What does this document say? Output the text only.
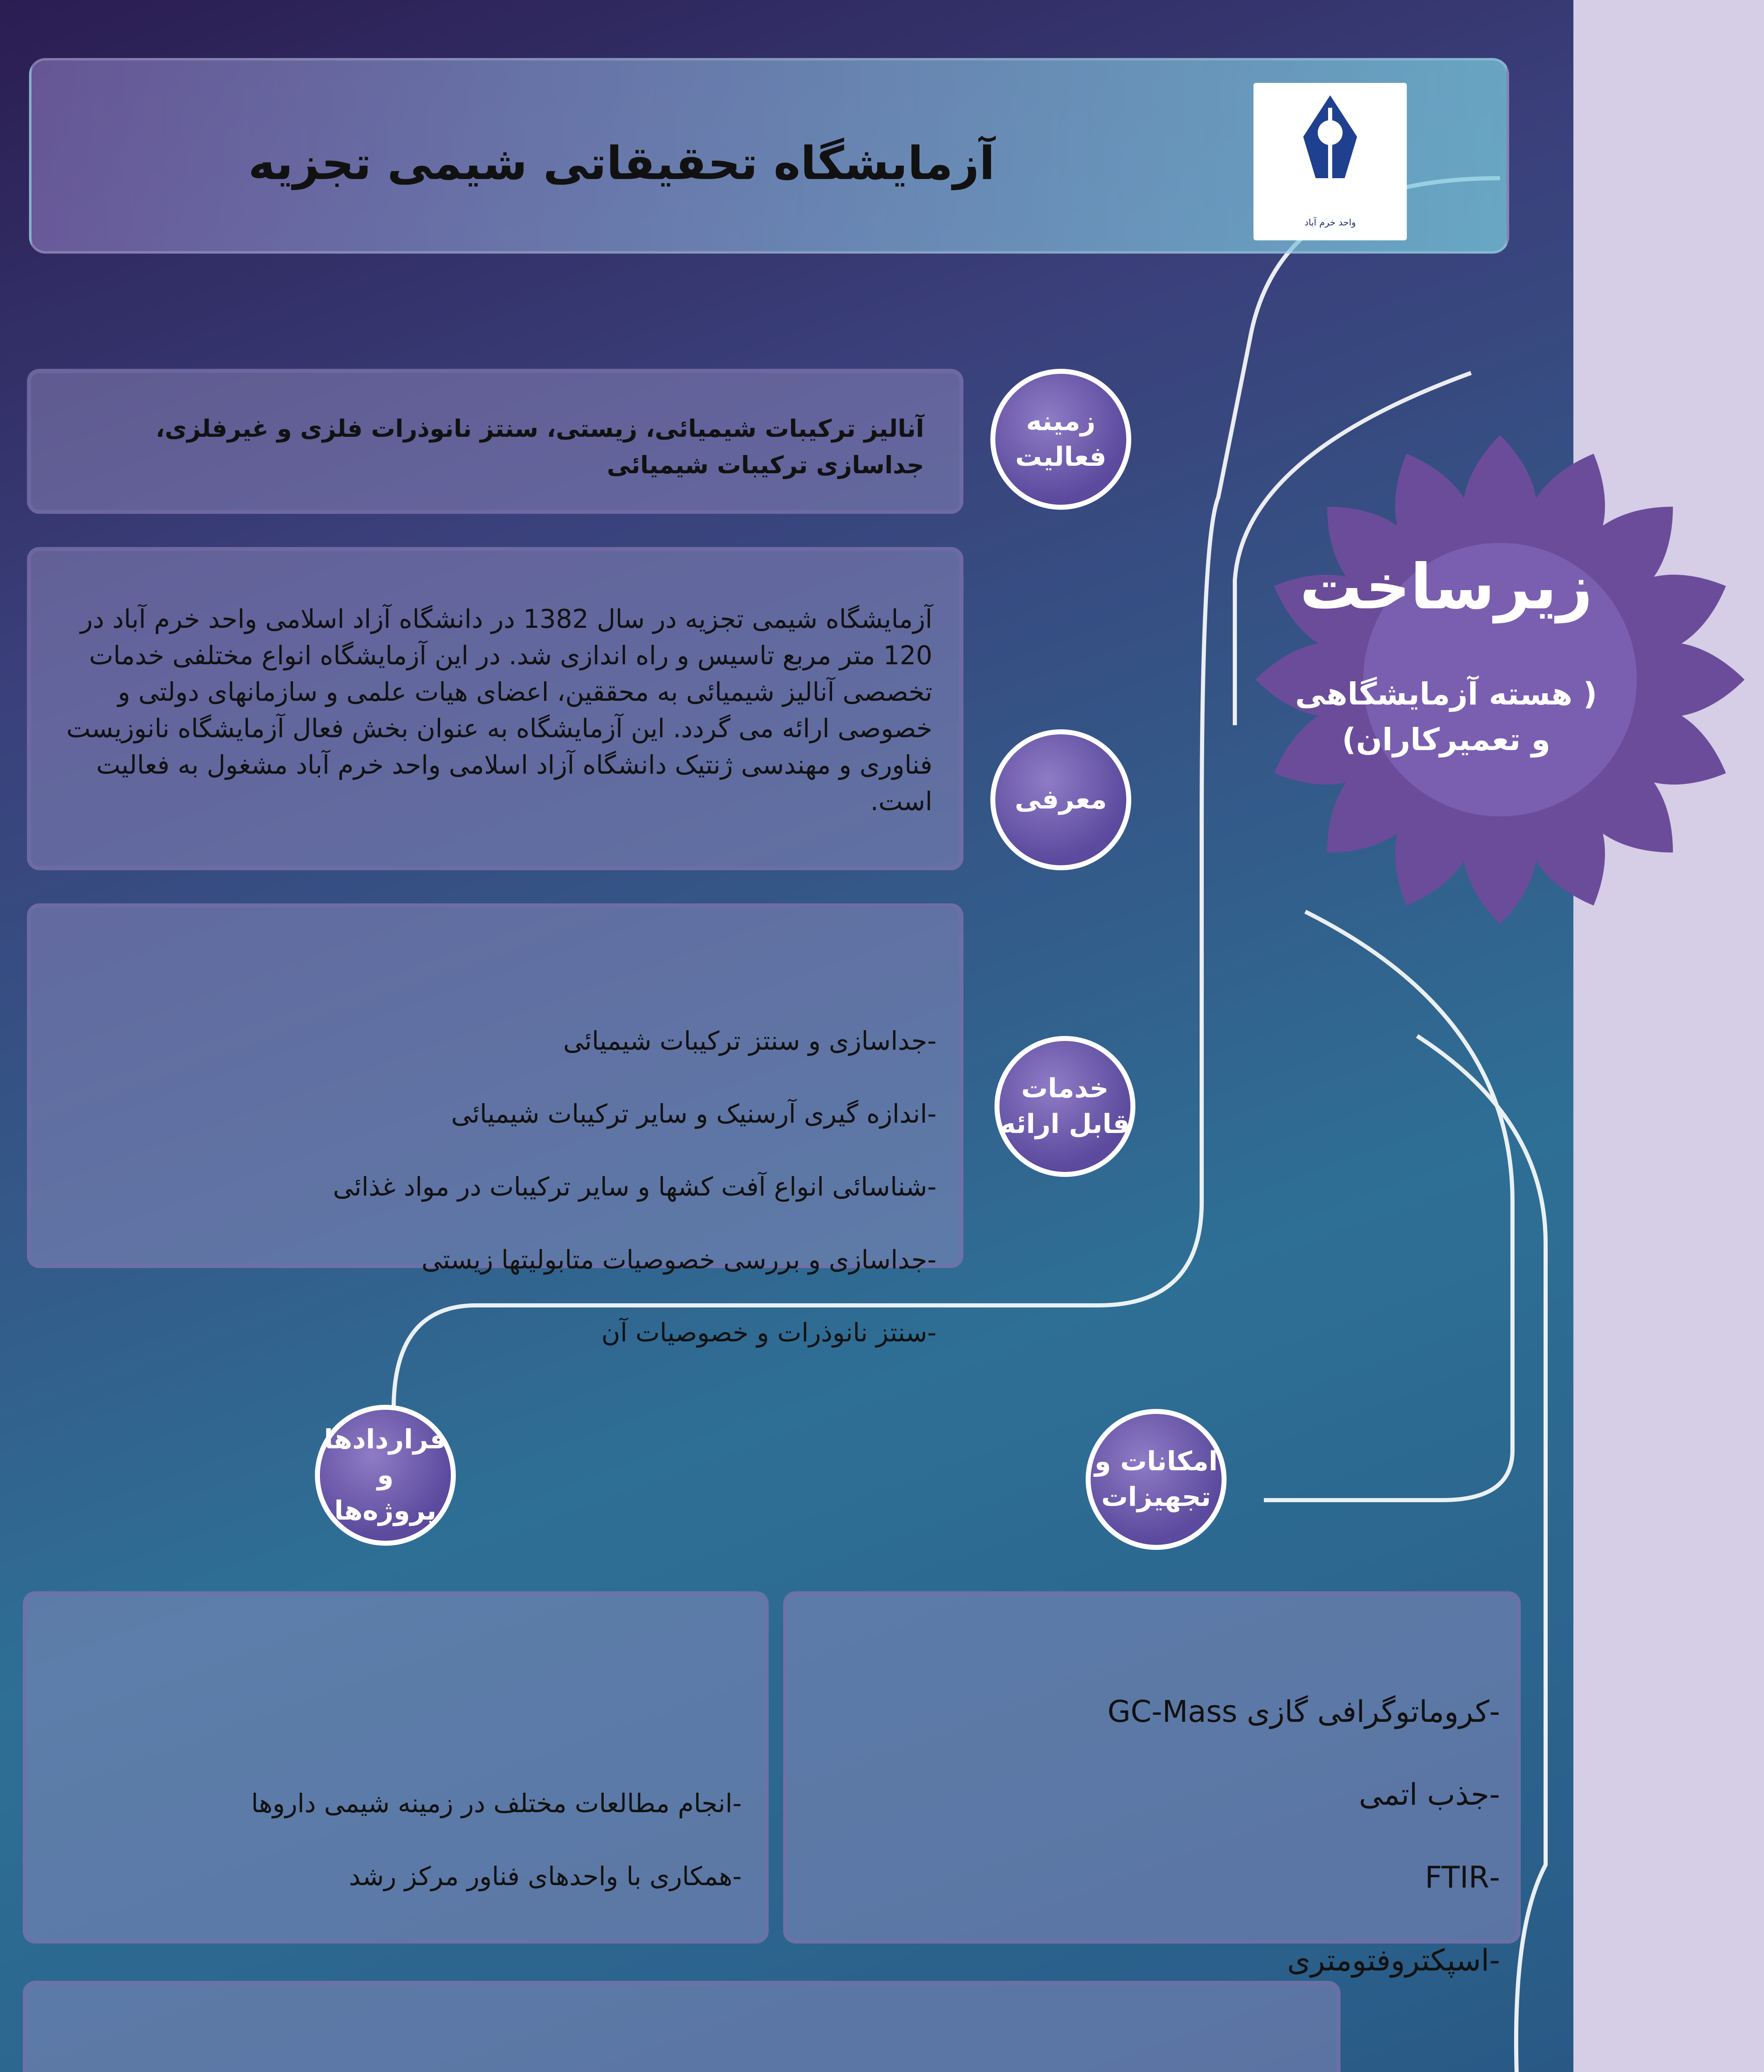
آزمایشگاه تحقیقاتی شیمی تجزیه
واحد خرم آباد
زیرساخت
( هسته آزمایشگاهی
و تعمیرکاران)
آنالیز ترکیبات شیمیائی، زیستی، سنتز نانوذرات فلزی و غیرفلزی، جداسازی ترکیبات شیمیائی
زمینه
فعالیت
آزمایشگاه شیمی تجزیه در سال 1382 در دانشگاه آزاد اسلامی واحد خرم آباد در 120 متر مربع تاسیس و راه اندازی شد. در این آزمایشگاه انواع مختلفی خدمات تخصصی آنالیز شیمیائی به محققین، اعضای هیات علمی و سازمانهای دولتی و خصوصی ارائه می گردد. این آزمایشگاه به عنوان بخش فعال آزمایشگاه نانوزیست فناوری و مهندسی ژنتیک دانشگاه آزاد اسلامی واحد خرم آباد مشغول به فعالیت است.	معرفی

-جداسازی و سنتز ترکیبات شیمیائی

-اندازه گیری آرسنیک و سایر ترکیبات شیمیائی

-شناسائی انواع آفت کشها و سایر ترکیبات در مواد غذائی

-جداسازی و بررسی خصوصیات متابولیتها زیستی

-سنتز نانوذرات و خصوصیات آن

خدمات
قابل ارائه
قراردادها و
پروژه‌ها
امکانات و
تجهیزات

-انجام مطالعات مختلف در زمینه شیمی داروها

-همکاری با واحدهای فناور مرکز رشد

-کروماتوگرافی گازی GC-Mass

-جذب اتمی

-FTIR

-اسپکتروفتومتری
